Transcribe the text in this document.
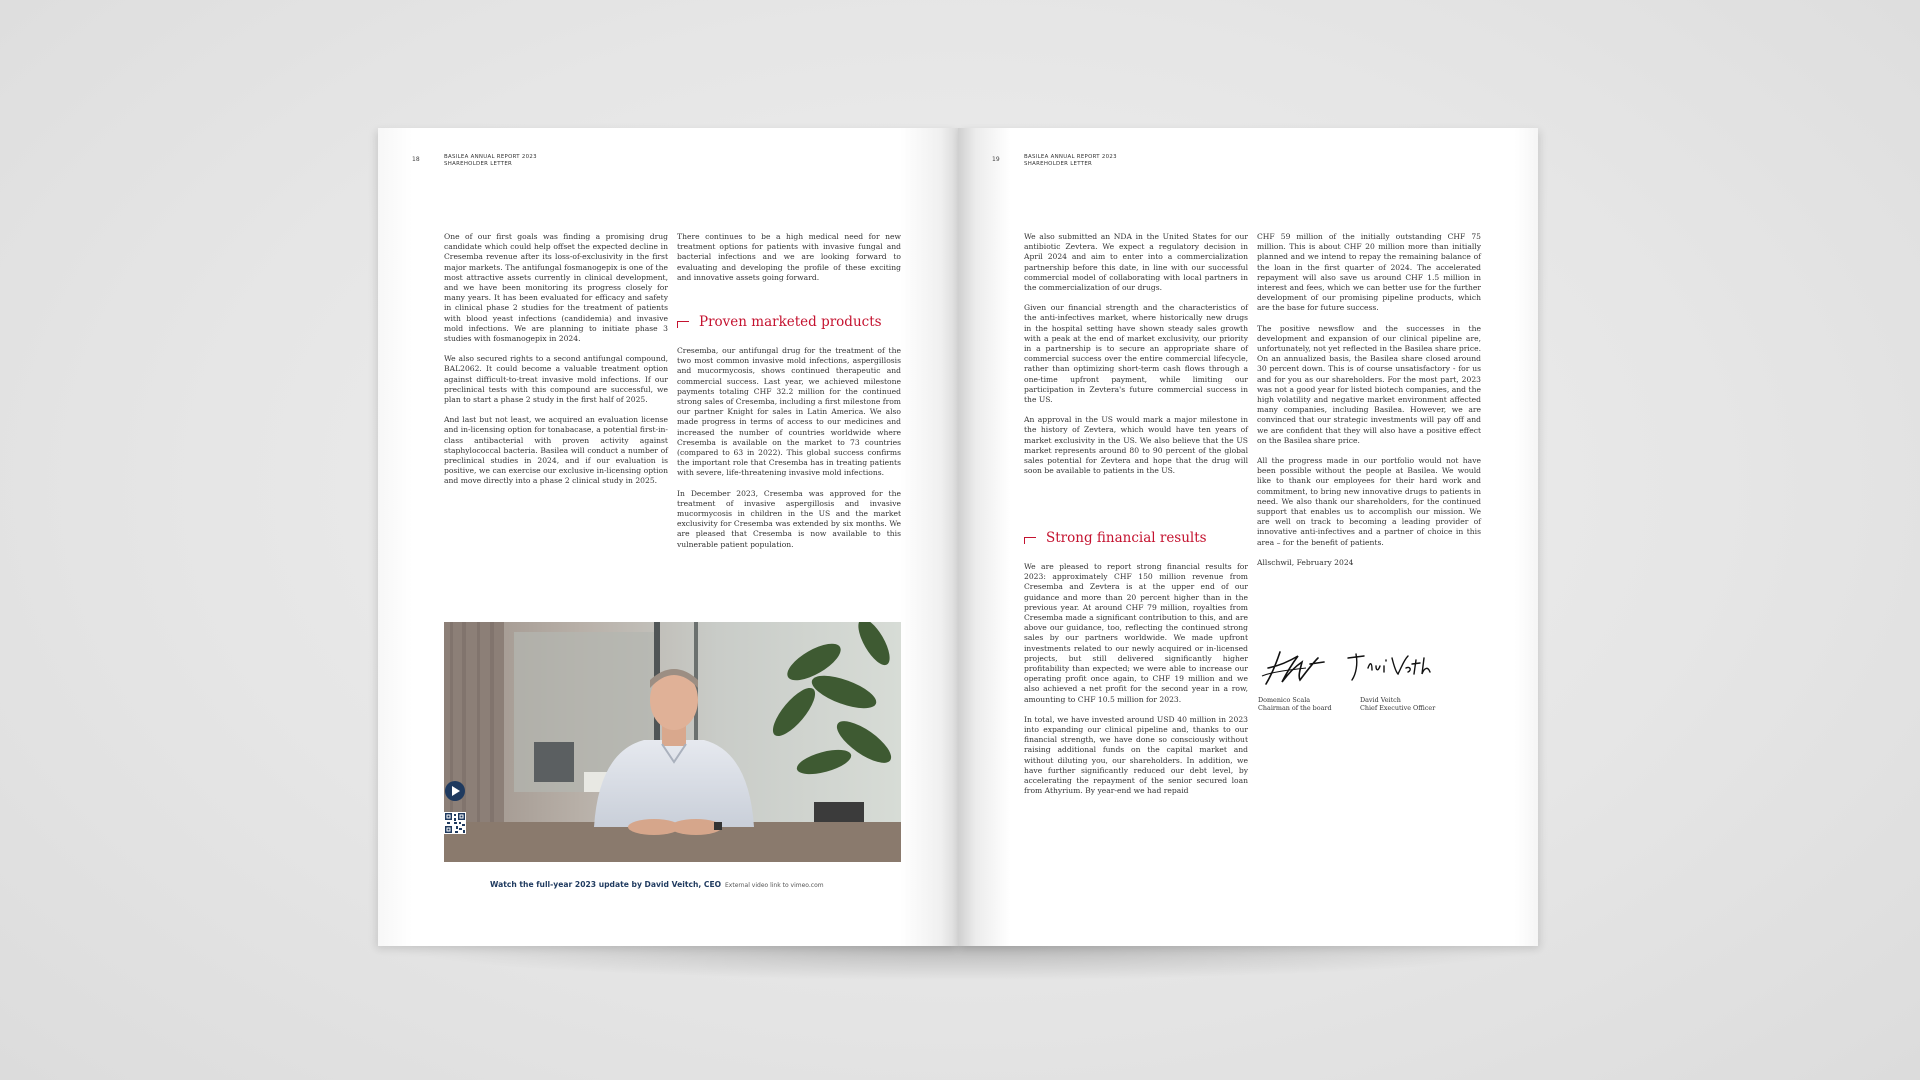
18	BASILEA ANNUAL REPORT 2023
SHAREHOLDER LETTER

One of our first goals was finding a promising drug candidate which could help offset the expected decline in Cresemba revenue after its loss-of-exclusivity in the first major markets. The antifungal fosmanogepix is one of the most attractive assets currently in clinical development, and we have been monitoring its progress closely for many years. It has been evaluated for efficacy and safety in clinical phase 2 studies for the treatment of patients with blood yeast infections (candidemia) and invasive mold infections. We are planning to initiate phase 3 studies with fosmanogepix in 2024.

We also secured rights to a second antifungal compound, BAL2062. It could become a valuable treatment option against difficult-to-treat invasive mold infections. If our preclinical tests with this compound are successful, we plan to start a phase 2 study in the first half of 2025.

And last but not least, we acquired an evaluation license and in-licensing option for tonabacase, a potential first-in-class antibacterial with proven activity against staphylococcal bacteria. Basilea will conduct a number of preclinical studies in 2024, and if our evaluation is positive, we can exercise our exclusive in-licensing option and move directly into a phase 2 clinical study in 2025.

There continues to be a high medical need for new treatment options for patients with invasive fungal and bacterial infections and we are looking forward to evaluating and developing the profile of these exciting and innovative assets going forward.

Proven marketed products

Cresemba, our antifungal drug for the treatment of the two most common invasive mold infections, aspergillosis and mucormycosis, shows continued therapeutic and commercial success. Last year, we achieved milestone payments totaling CHF 32.2 million for the continued strong sales of Cresemba, including a first milestone from our partner Knight for sales in Latin America. We also made progress in terms of access to our medicines and increased the number of countries worldwide where Cresemba is available on the market to 73 countries (compared to 63 in 2022). This global success confirms the important role that Cresemba has in treating patients with severe, life-threatening invasive mold infections.

In December 2023, Cresemba was approved for the treatment of invasive aspergillosis and invasive mucormycosis in children in the US and the market exclusivity for Cresemba was extended by six months. We are pleased that Cresemba is now available to this vulnerable patient population.

Watch the full-year 2023 update by David Veitch, CEO External video link to vimeo.com
19	BASILEA ANNUAL REPORT 2023
SHAREHOLDER LETTER

We also submitted an NDA in the United States for our antibiotic Zevtera. We expect a regulatory decision in April 2024 and aim to enter into a commercialization partnership before this date, in line with our successful commercial model of collaborating with local partners in the commercialization of our drugs.

Given our financial strength and the characteristics of the anti-infectives market, where historically new drugs in the hospital setting have shown steady sales growth with a peak at the end of market exclusivity, our priority in a partnership is to secure an appropriate share of commercial success over the entire commercial lifecycle, rather than optimizing short-term cash flows through a one-time upfront payment, while limiting our participation in Zevtera's future commercial success in the US.

An approval in the US would mark a major milestone in the history of Zevtera, which would have ten years of market exclusivity in the US. We also believe that the US market represents around 80 to 90 percent of the global sales potential for Zevtera and hope that the drug will soon be available to patients in the US.

Strong financial results

We are pleased to report strong financial results for 2023: approximately CHF 150 million revenue from Cresemba and Zevtera is at the upper end of our guidance and more than 20 percent higher than in the previous year. At around CHF 79 million, royalties from Cresemba made a significant contribution to this, and are above our guidance, too, reflecting the continued strong sales by our partners worldwide. We made upfront investments related to our newly acquired or in-licensed projects, but still delivered significantly higher profitability than expected; we were able to increase our operating profit once again, to CHF 19 million and we also achieved a net profit for the second year in a row, amounting to CHF 10.5 million for 2023.

In total, we have invested around USD 40 million in 2023 into expanding our clinical pipeline and, thanks to our financial strength, we have done so consciously without raising additional funds on the capital market and without diluting you, our shareholders. In addition, we have further significantly reduced our debt level, by accelerating the repayment of the senior secured loan from Athyrium. By year-end we had repaid

CHF 59 million of the initially outstanding CHF 75 million. This is about CHF 20 million more than initially planned and we intend to repay the remaining balance of the loan in the first quarter of 2024. The accelerated repayment will also save us around CHF 1.5 million in interest and fees, which we can better use for the further development of our promising pipeline products, which are the base for future success.

The positive newsflow and the successes in the development and expansion of our clinical pipeline are, unfortunately, not yet reflected in the Basilea share price. On an annualized basis, the Basilea share closed around 30 percent down. This is of course unsatisfactory - for us and for you as our shareholders. For the most part, 2023 was not a good year for listed biotech companies, and the high volatility and negative market environment affected many companies, including Basilea. However, we are convinced that our strategic investments will pay off and we are confident that they will also have a positive effect on the Basilea share price.

All the progress made in our portfolio would not have been possible without the people at Basilea. We would like to thank our employees for their hard work and commitment, to bring new innovative drugs to patients in need. We also thank our shareholders, for the continued support that enables us to accomplish our mission. We are well on track to becoming a leading provider of innovative anti-infectives and a partner of choice in this area – for the benefit of patients.

Allschwil, February 2024

Domenico Scala
Chairman of the board
David Veitch
Chief Executive Officer
